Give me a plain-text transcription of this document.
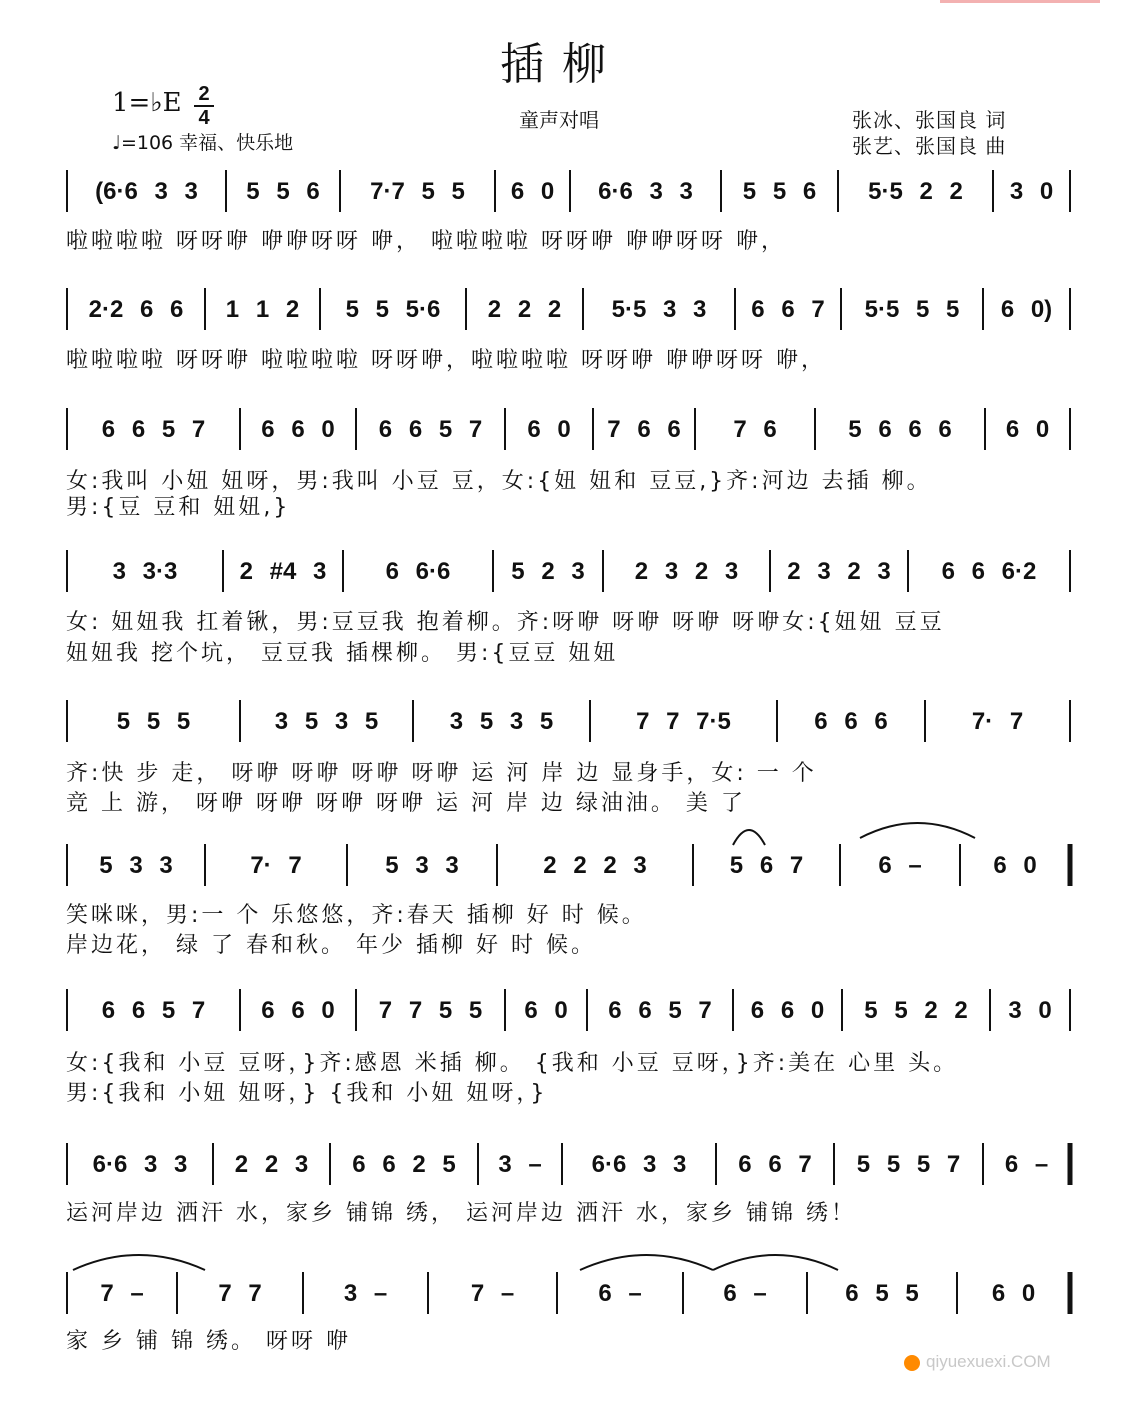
插柳
1=♭E 2
4
♩=106 幸福、快乐地
童声对唱	张冰、张国良 词
张艺、张国良 曲
(6·6 3 3	5 5 6	7·7 5 5	6 0	6·6 3 3	5 5 6	5·5 2 2	3 0
啦啦啦啦 呀呀咿 咿咿呀呀 咿， 啦啦啦啦 呀呀咿 咿咿呀呀 咿，
2·2 6 6	1 1 2	5 5 5·6	2 2 2	5·5 3 3	6 6 7	5·5 5 5	6 0)
啦啦啦啦 呀呀咿 啦啦啦啦 呀呀咿，啦啦啦啦 呀呀咿 咿咿呀呀 咿，
6 6 5 7	6 6 0	6 6 5 7	6 0	7 6 6	7 6	5 6 6 6	6 0
女:我叫 小妞 妞呀，男:我叫 小豆 豆，女:{妞 妞和 豆豆,}齐:河边 去插 柳。
男:{豆 豆和 妞妞,}
3 3·3	2 #4 3	6 6·6	5 2 3	2 3 2 3	2 3 2 3	6 6 6·2
女: 妞妞我 扛着锹，男:豆豆我 抱着柳。齐:呀咿 呀咿 呀咿 呀咿女:{妞妞 豆豆
妞妞我 挖个坑， 豆豆我 插棵柳。 男:{豆豆 妞妞
5 5 5	3 5 3 5	3 5 3 5	7 7 7·5	6 6 6	7· 7
齐:快 步 走， 呀咿 呀咿 呀咿 呀咿 运 河 岸 边 显身手，女: 一 个
竞 上 游， 呀咿 呀咿 呀咿 呀咿 运 河 岸 边 绿油油。 美 了
5 3 3	7· 7	5 3 3	2 2 2 3	5 6 7	6 –	6 0
笑咪咪，男:一 个 乐悠悠，齐:春天 插柳 好 时 候。
岸边花， 绿 了 春和秋。 年少 插柳 好 时 候。
6 6 5 7	6 6 0	7 7 5 5	6 0	6 6 5 7	6 6 0	5 5 2 2	3 0
女:{我和 小豆 豆呀，}齐:感恩 米插 柳。 {我和 小豆 豆呀，}齐:美在 心里 头。
男:{我和 小妞 妞呀，} {我和 小妞 妞呀，}
6·6 3 3	2 2 3	6 6 2 5	3 –	6·6 3 3	6 6 7	5 5 5 7	6 –
运河岸边 洒汗 水，家乡 铺锦 绣， 运河岸边 洒汗 水，家乡 铺锦 绣！
7 –	7 7	3 –	7 –	6 –	6 –	6 5 5	6 0
家 乡 铺 锦 绣。 呀呀 咿
qiyuexuexi.COM
